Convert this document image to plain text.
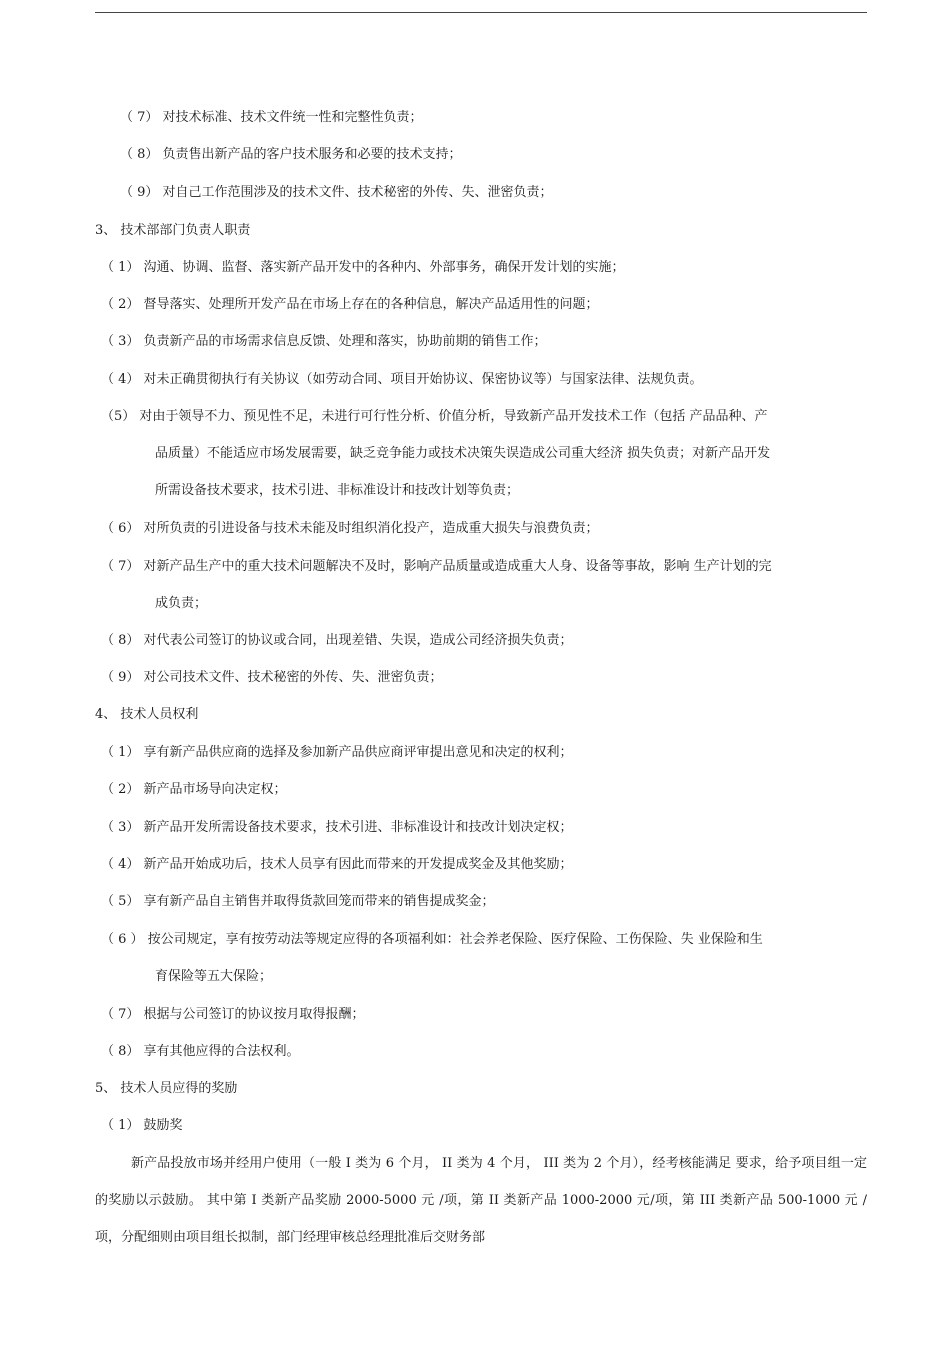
（ 7） 对技术标准、技术文件统一性和完整性负责；
（ 8） 负责售出新产品的客户技术服务和必要的技术支持；
（ 9） 对自己工作范围涉及的技术文件、技术秘密的外传、失、泄密负责；
3、 技术部部门负责人职责
（ 1） 沟通、协调、监督、落实新产品开发中的各种内、外部事务，确保开发计划的实施；
（ 2） 督导落实、处理所开发产品在市场上存在的各种信息，解决产品适用性的问题；
（ 3） 负责新产品的市场需求信息反馈、处理和落实，协助前期的销售工作；
（ 4） 对未正确贯彻执行有关协议（如劳动合同、项目开始协议、保密协议等）与国家法律、法规负责。
（5） 对由于领导不力、预见性不足，未进行可行性分析、价值分析，导致新产品开发技术工作（包括 产品品种、产
品质量）不能适应市场发展需要，缺乏竞争能力或技术决策失误造成公司重大经济 损失负责；对新产品开发
所需设备技术要求，技术引进、非标准设计和技改计划等负责；
（ 6） 对所负责的引进设备与技术未能及时组织消化投产，造成重大损失与浪费负责；
（ 7） 对新产品生产中的重大技术问题解决不及时，影响产品质量或造成重大人身、设备等事故，影响 生产计划的完
成负责；
（ 8） 对代表公司签订的协议或合同，出现差错、失误，造成公司经济损失负责；
（ 9） 对公司技术文件、技术秘密的外传、失、泄密负责；
4、 技术人员权利
（ 1） 享有新产品供应商的选择及参加新产品供应商评审提出意见和决定的权利；
（ 2） 新产品市场导向决定权；
（ 3） 新产品开发所需设备技术要求，技术引进、非标准设计和技改计划决定权；
（ 4） 新产品开始成功后，技术人员享有因此而带来的开发提成奖金及其他奖励；
（ 5） 享有新产品自主销售并取得货款回笼而带来的销售提成奖金；
（ 6 ） 按公司规定，享有按劳动法等规定应得的各项福利如：社会养老保险、医疗保险、工伤保险、失 业保险和生
育保险等五大保险；
（ 7） 根据与公司签订的协议按月取得报酬；
（ 8） 享有其他应得的合法权利。
5、 技术人员应得的奖励
（ 1） 鼓励奖
新产品投放市场并经用户使用（一般 I 类为 6 个月， II 类为 4 个月， III 类为 2 个月），经考核能满足 要求，给予项目组一定的奖励以示鼓励。 其中第 I 类新产品奖励 2000-5000 元 /项，第 II 类新产品 1000-2000 元/项，第 III 类新产品 500-1000 元 /项，分配细则由项目组长拟制，部门经理审核总经理批准后交财务部
